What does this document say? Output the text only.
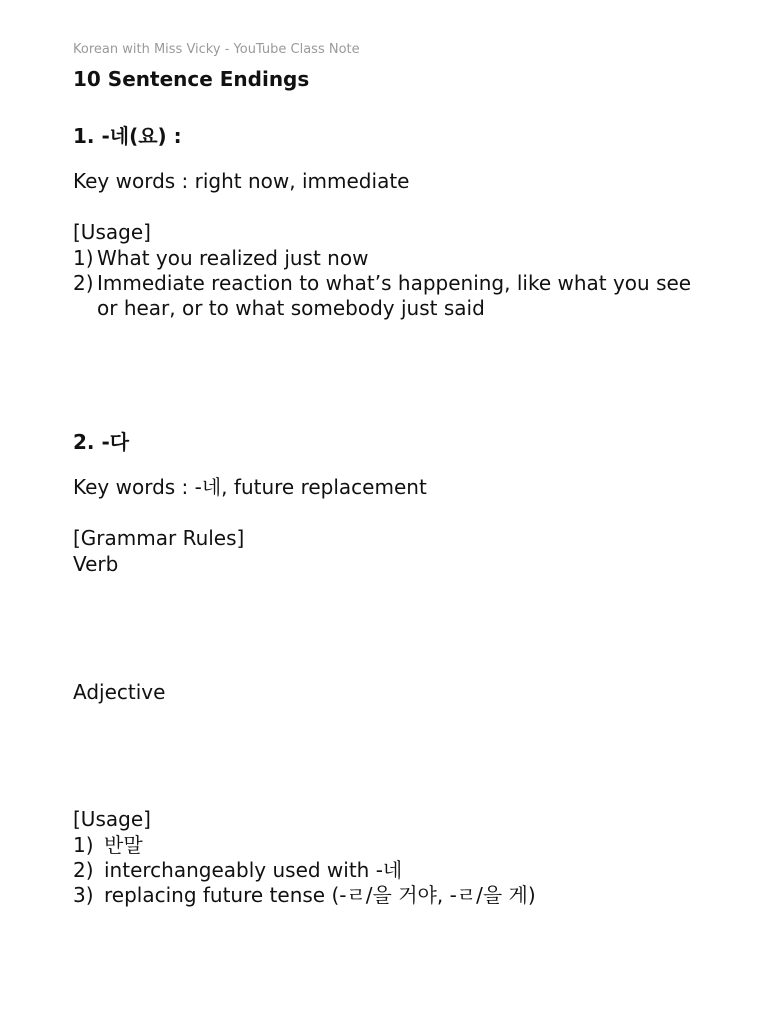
Korean with Miss Vicky - YouTube Class Note

10 Sentence Endings
1. -네(요) :

Key words : right now, immediate

[Usage]

1) What you realized just now
2) Immediate reaction to what’s happening, like what you see or hear, or to what somebody just said
2. -다

Key words : -네, future replacement

[Grammar Rules]

Verb

Adjective

[Usage]

1) 반말
2) interchangeably used with -네
3) replacing future tense (-ㄹ/을 거야, -ㄹ/을 게)
